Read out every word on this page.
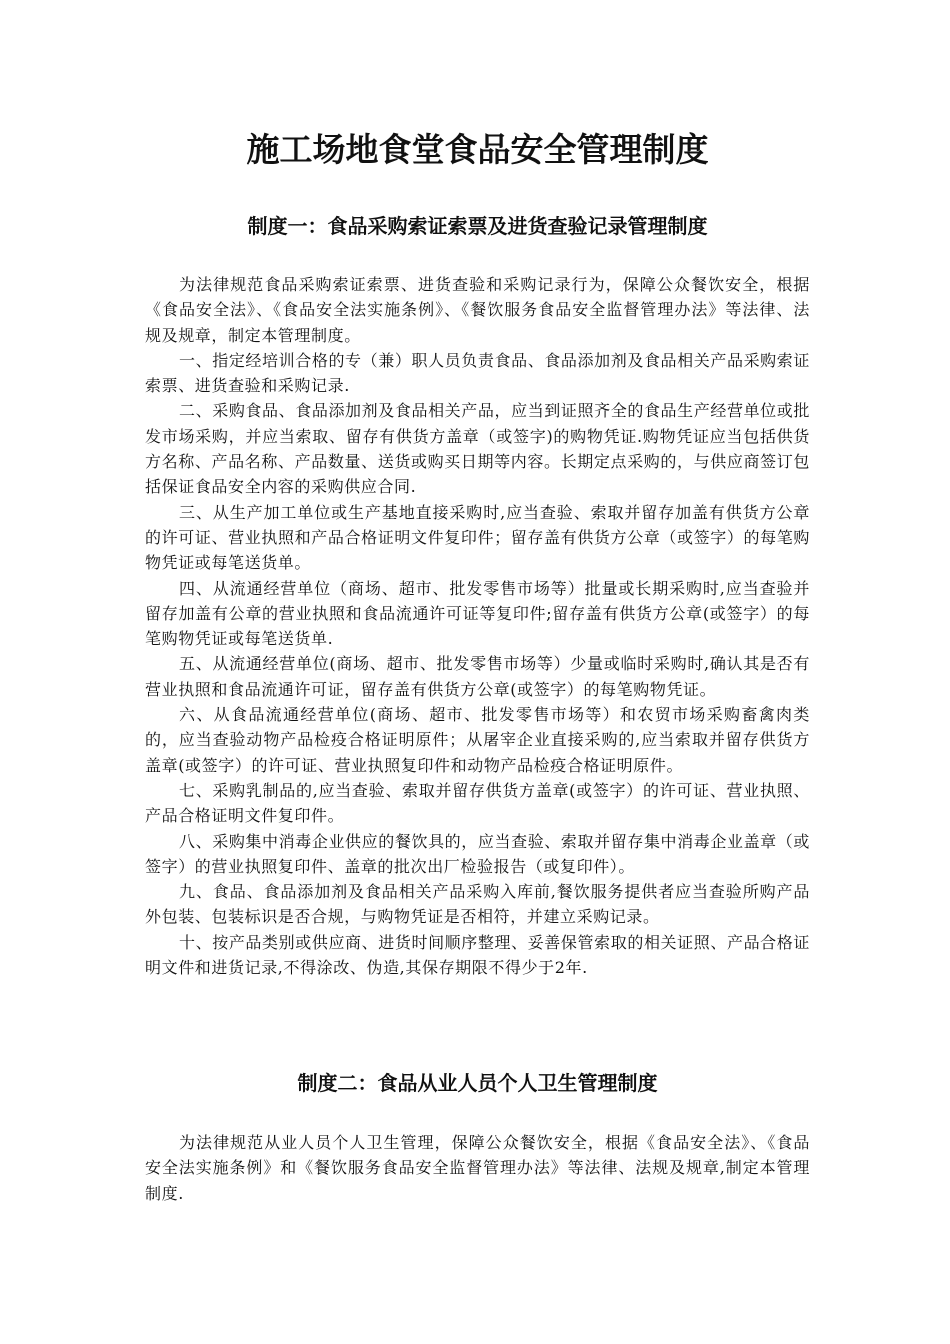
施工场地食堂食品安全管理制度
制度一：食品采购索证索票及进货查验记录管理制度

为法律规范食品采购索证索票、进货查验和采购记录行为，保障公众餐饮安全，根据《食品安全法》、《食品安全法实施条例》、《餐饮服务食品安全监督管理办法》等法律、法规及规章，制定本管理制度。

一、指定经培训合格的专（兼）职人员负责食品、食品添加剂及食品相关产品采购索证索票、进货查验和采购记录.

二、采购食品、食品添加剂及食品相关产品，应当到证照齐全的食品生产经营单位或批发市场采购，并应当索取、留存有供货方盖章（或签字)的购物凭证.购物凭证应当包括供货方名称、产品名称、产品数量、送货或购买日期等内容。长期定点采购的，与供应商签订包括保证食品安全内容的采购供应合同.

三、从生产加工单位或生产基地直接采购时,应当查验、索取并留存加盖有供货方公章的许可证、营业执照和产品合格证明文件复印件；留存盖有供货方公章（或签字）的每笔购物凭证或每笔送货单。

四、从流通经营单位（商场、超市、批发零售市场等）批量或长期采购时,应当查验并留存加盖有公章的营业执照和食品流通许可证等复印件;留存盖有供货方公章(或签字）的每笔购物凭证或每笔送货单.

五、从流通经营单位(商场、超市、批发零售市场等）少量或临时采购时,确认其是否有营业执照和食品流通许可证，留存盖有供货方公章(或签字）的每笔购物凭证。

六、从食品流通经营单位(商场、超市、批发零售市场等）和农贸市场采购畜禽肉类的，应当查验动物产品检疫合格证明原件；从屠宰企业直接采购的,应当索取并留存供货方盖章(或签字）的许可证、营业执照复印件和动物产品检疫合格证明原件。

七、采购乳制品的,应当查验、索取并留存供货方盖章(或签字）的许可证、营业执照、产品合格证明文件复印件。

八、采购集中消毒企业供应的餐饮具的，应当查验、索取并留存集中消毒企业盖章（或签字）的营业执照复印件、盖章的批次出厂检验报告（或复印件）。

九、食品、食品添加剂及食品相关产品采购入库前,餐饮服务提供者应当查验所购产品外包装、包装标识是否合规，与购物凭证是否相符，并建立采购记录。

十、按产品类别或供应商、进货时间顺序整理、妥善保管索取的相关证照、产品合格证明文件和进货记录,不得涂改、伪造,其保存期限不得少于2年.

制度二：食品从业人员个人卫生管理制度

为法律规范从业人员个人卫生管理，保障公众餐饮安全，根据《食品安全法》、《食品安全法实施条例》和《餐饮服务食品安全监督管理办法》等法律、法规及规章,制定本管理制度.
